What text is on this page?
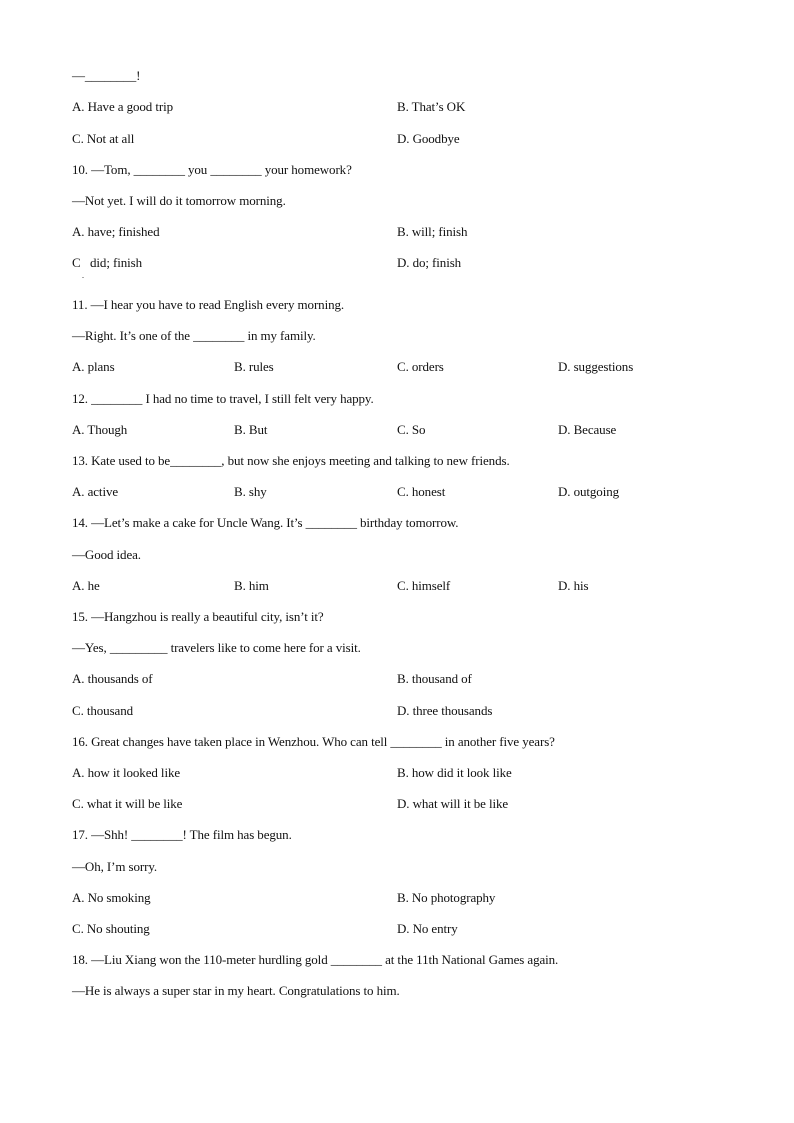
—________!
A. Have a good trip	B. That’s OK
C. Not at all	D. Goodbye
10. —Tom, ________ you ________ your homework?
—Not yet. I will do it tomorrow morning.
A. have; finished	B. will; finish
C   did; finish	D. do; finish
.
11. —I hear you have to read English every morning.
—Right. It’s one of the ________ in my family.
A. plans	B. rules	C. orders	D. suggestions
12. ________ I had no time to travel, I still felt very happy.
A. Though	B. But	C. So	D. Because
13. Kate used to be________, but now she enjoys meeting and talking to new friends.
A. active	B. shy	C. honest	D. outgoing
14. —Let’s make a cake for Uncle Wang. It’s ________ birthday tomorrow.
—Good idea.
A. he	B. him	C. himself	D. his
15. —Hangzhou is really a beautiful city, isn’t it?
—Yes, _________ travelers like to come here for a visit.
A. thousands of	B. thousand of
C. thousand	D. three thousands
16. Great changes have taken place in Wenzhou. Who can tell ________ in another five years?
A. how it looked like	B. how did it look like
C. what it will be like	D. what will it be like
17. —Shh! ________! The film has begun.
—Oh, I’m sorry.
A. No smoking	B. No photography
C. No shouting	D. No entry
18. —Liu Xiang won the 110-meter hurdling gold ________ at the 11th National Games again.
—He is always a super star in my heart. Congratulations to him.
